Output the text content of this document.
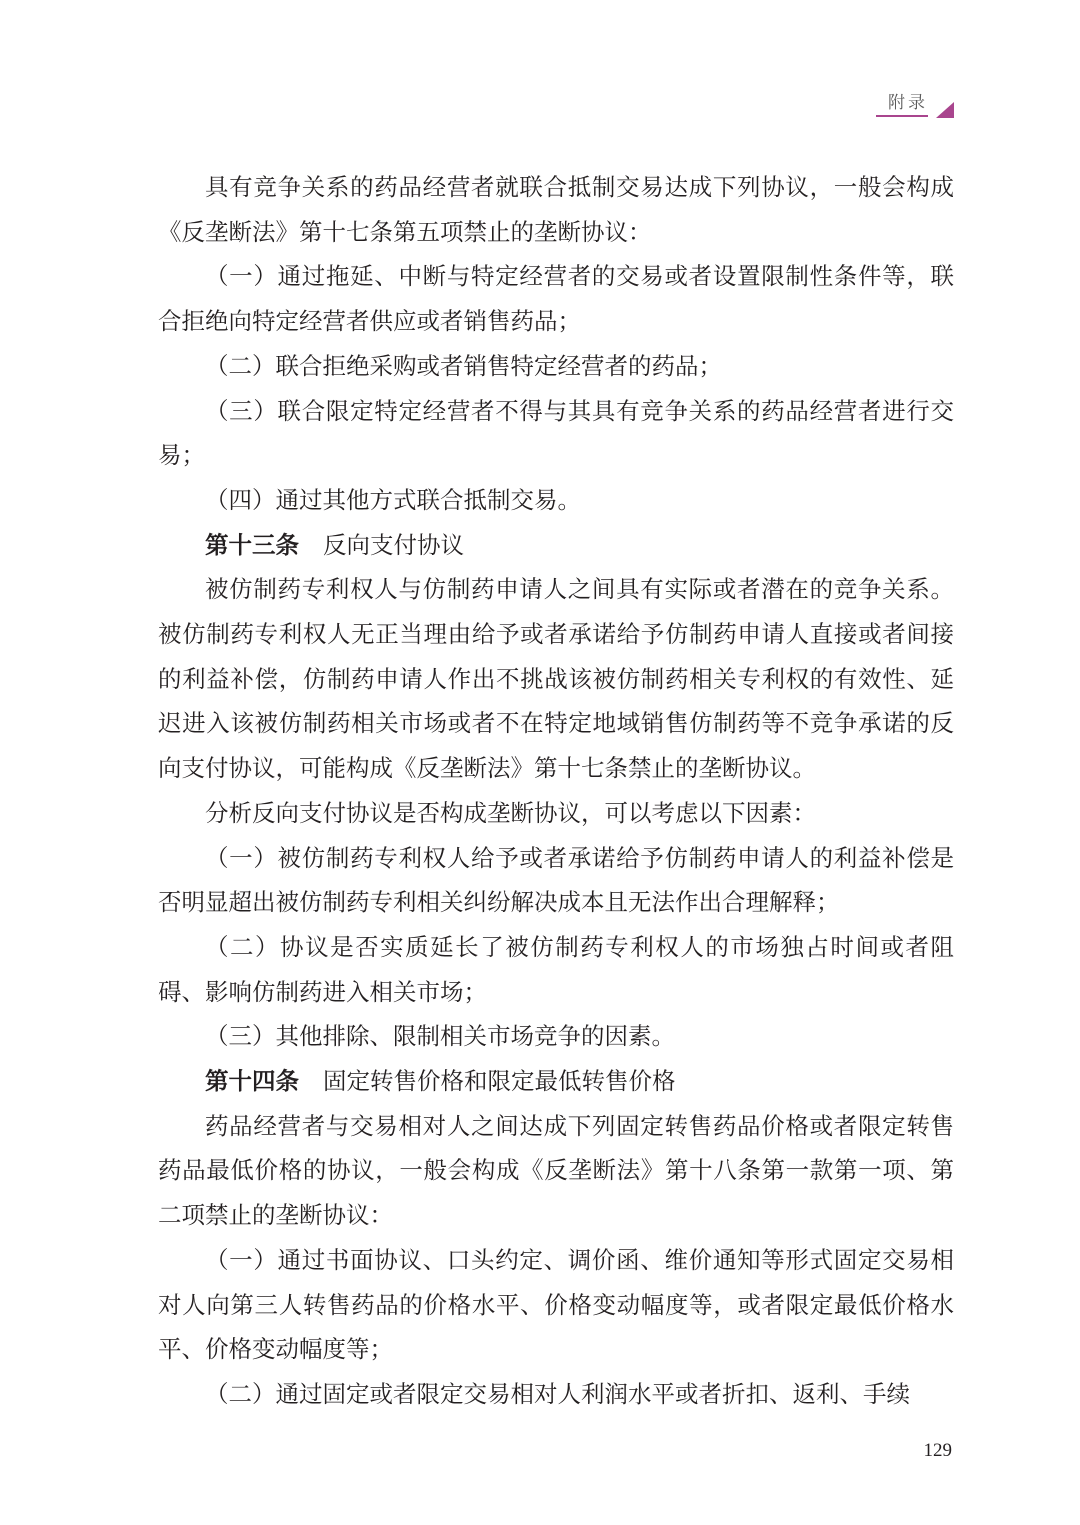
附录

具有竞争关系的药品经营者就联合抵制交易达成下列协议，一般会构成《反垄断法》第十七条第五项禁止的垄断协议：

（一）通过拖延、中断与特定经营者的交易或者设置限制性条件等，联合拒绝向特定经营者供应或者销售药品；

（二）联合拒绝采购或者销售特定经营者的药品；

（三）联合限定特定经营者不得与其具有竞争关系的药品经营者进行交易；

（四）通过其他方式联合抵制交易。

第十三条 反向支付协议

被仿制药专利权人与仿制药申请人之间具有实际或者潜在的竞争关系。被仿制药专利权人无正当理由给予或者承诺给予仿制药申请人直接或者间接的利益补偿，仿制药申请人作出不挑战该被仿制药相关专利权的有效性、延迟进入该被仿制药相关市场或者不在特定地域销售仿制药等不竞争承诺的反向支付协议，可能构成《反垄断法》第十七条禁止的垄断协议。

分析反向支付协议是否构成垄断协议，可以考虑以下因素：

（一）被仿制药专利权人给予或者承诺给予仿制药申请人的利益补偿是否明显超出被仿制药专利相关纠纷解决成本且无法作出合理解释；

（二）协议是否实质延长了被仿制药专利权人的市场独占时间或者阻碍、影响仿制药进入相关市场；

（三）其他排除、限制相关市场竞争的因素。

第十四条 固定转售价格和限定最低转售价格

药品经营者与交易相对人之间达成下列固定转售药品价格或者限定转售药品最低价格的协议，一般会构成《反垄断法》第十八条第一款第一项、第二项禁止的垄断协议：

（一）通过书面协议、口头约定、调价函、维价通知等形式固定交易相对人向第三人转售药品的价格水平、价格变动幅度等，或者限定最低价格水平、价格变动幅度等；

（二）通过固定或者限定交易相对人利润水平或者折扣、返利、手续

129
